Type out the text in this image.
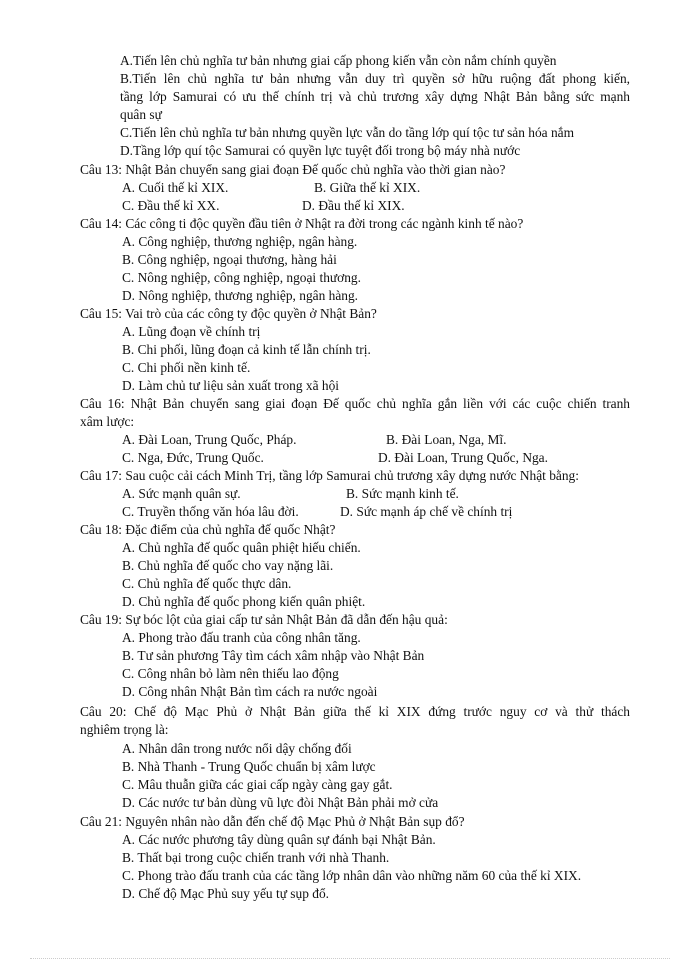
A.Tiến lên chủ nghĩa tư bản nhưng giai cấp phong kiến vẫn còn nắm chính quyền
B.Tiến lên chủ nghĩa tư bản nhưng vẫn duy trì quyền sở hữu ruộng đất phong kiến,
tầng lớp Samurai có ưu thế chính trị và chủ trương xây dựng Nhật Bản bằng sức mạnh
quân sự
C.Tiến lên chủ nghĩa tư bản nhưng quyền lực vẫn do tầng lớp quí tộc tư sản hóa nắm
D.Tầng lớp quí tộc Samurai có quyền lực tuyệt đối trong bộ máy nhà nước
Câu 13: Nhật Bản chuyển sang giai đoạn Đế quốc chủ nghĩa vào thời gian nào?
A. Cuối thế kỉ XIX.	B. Giữa thế kỉ XIX.
C. Đầu thế kỉ XX.	D. Đầu thế kỉ XIX.
Câu 14: Các công ti độc quyền đầu tiên ở Nhật ra đời trong các ngành kinh tế nào?
A. Công nghiệp, thương nghiệp, ngân hàng.
B. Công nghiệp, ngoại thương, hàng hải
C. Nông nghiệp, công nghiệp, ngoại thương.
D. Nông nghiệp, thương nghiệp, ngân hàng.
Câu 15: Vai trò của các công ty độc quyền ở Nhật Bản?
A. Lũng đoạn về chính trị
B. Chi phối, lũng đoạn cả kinh tế lẫn chính trị.
C. Chi phối nền kinh tế.
D. Làm chủ tư liệu sản xuất trong xã hội
Câu 16: Nhật Bản chuyển sang giai đoạn Đế quốc chủ nghĩa gắn liền với các cuộc chiến tranh
xâm lược:
A. Đài Loan, Trung Quốc, Pháp.	B. Đài Loan, Nga, Mĩ.
C. Nga, Đức, Trung Quốc.	D. Đài Loan, Trung Quốc, Nga.
Câu 17: Sau cuộc cải cách Minh Trị, tầng lớp Samurai chủ trương xây dựng nước Nhật bằng:
A. Sức mạnh quân sự.	B. Sức mạnh kinh tế.
C. Truyền thống văn hóa lâu đời.	D. Sức mạnh áp chế về chính trị
Câu 18: Đặc điểm của chủ nghĩa đế quốc Nhật?
A. Chủ nghĩa đế quốc quân phiệt hiếu chiến.
B. Chủ nghĩa đế quốc cho vay nặng lãi.
C. Chủ nghĩa đế quốc thực dân.
D. Chủ nghĩa đế quốc phong kiến quân phiệt.
Câu 19: Sự bóc lột của giai cấp tư sản Nhật Bản đã dẫn đến hậu quả:
A. Phong trào đấu tranh của công nhân tăng.
B. Tư sản phương Tây tìm cách xâm nhập vào Nhật Bản
C. Công nhân bỏ làm nên thiếu lao động
D. Công nhân Nhật Bản tìm cách ra nước ngoài
Câu 20: Chế độ Mạc Phủ ở Nhật Bản giữa thế kỉ XIX đứng trước nguy cơ và thử thách
nghiêm trọng là:
A. Nhân dân trong nước nổi dậy chống đối
B. Nhà Thanh - Trung Quốc chuẩn bị xâm lược
C. Mâu thuẫn giữa các giai cấp ngày càng gay gắt.
D. Các nước tư bản dùng vũ lực đòi Nhật Bản phải mở cửa
Câu 21: Nguyên nhân nào dẫn đến chế độ Mạc Phủ ở Nhật Bản sụp đổ?
A. Các nước phương tây dùng quân sự đánh bại Nhật Bản.
B. Thất bại trong cuộc chiến tranh với nhà Thanh.
C. Phong trào đấu tranh của các tầng lớp nhân dân vào những năm 60 của thế kỉ XIX.
D. Chế độ Mạc Phủ suy yếu tự sụp đổ.
